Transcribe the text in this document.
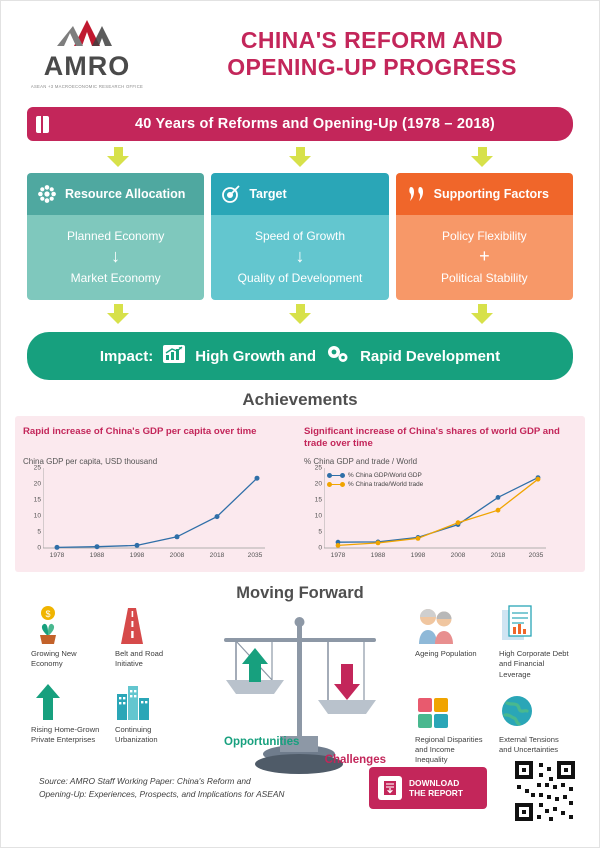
AMRO
ASEAN +3 MACROECONOMIC RESEARCH OFFICE
CHINA'S REFORM AND
OPENING-UP PROGRESS
40 Years of Reforms and Opening-Up (1978 – 2018)
Resource Allocation
Planned Economy
↓
Market Economy
Target
Speed of Growth
↓
Quality of Development
Supporting Factors
Policy Flexibility
+
Political Stability
Impact:	High Growth and	Rapid Development
Achievements
Rapid increase of China's GDP per capita over time
China GDP per capita, USD thousand
25
20
15
10
5
0
1978	1988	1998	2008	2018	2035
Significant increase of China's shares of world GDP and trade over time
% China GDP and trade / World
25
20
15
10
5
0
% China GDP/World GDP
% China trade/World trade
1978	1988	1998	2008	2018	2035
Moving Forward
$
Growing New Economy
Belt and Road Initiative
Rising Home-Grown Private Enterprises
Continuing Urbanization	Opportunities
Challenges
Ageing Population	High Corporate Debt and Financial Leverage
Regional Disparities and Income Inequality
External Tensions and Uncertainties
Source: AMRO Staff Working Paper: China's Reform and
Opening-Up: Experiences, Prospects, and Implications for ASEAN
DOWNLOAD
THE REPORT
